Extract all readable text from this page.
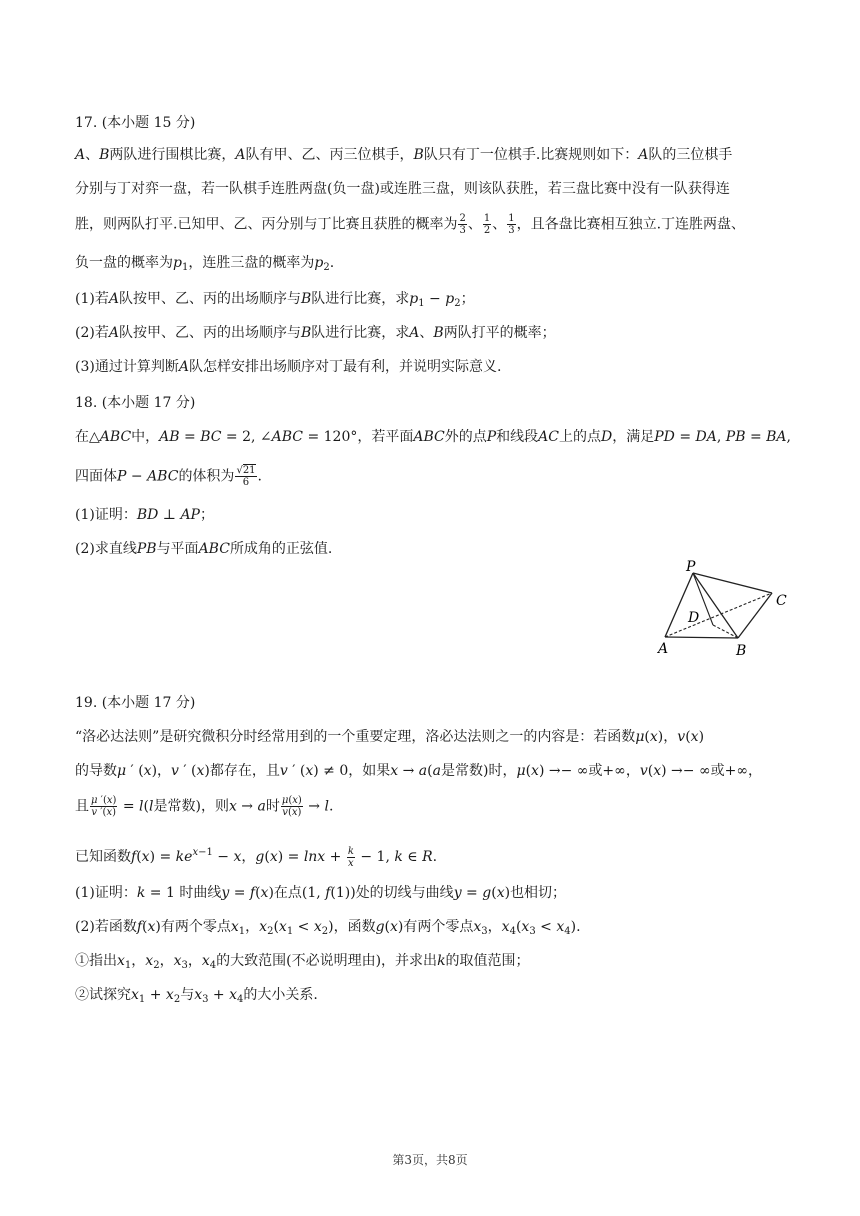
17. (本小题 15 分)
A、B两队进行围棋比赛，A队有甲、乙、丙三位棋手，B队只有丁一位棋手.比赛规则如下：A队的三位棋手
分别与丁对弈一盘，若一队棋手连胜两盘(负一盘)或连胜三盘，则该队获胜，若三盘比赛中没有一队获得连
胜，则两队打平.已知甲、乙、丙分别与丁比赛且获胜的概率为 $\frac{2}{3}$ 、 $\frac{1}{2}$ 、 $\frac{1}{3}$ ，且各盘比赛相互独立.丁连胜两盘、
负一盘的概率为$p_1$，连胜三盘的概率为$p_2$.
(1)若A队按甲、乙、丙的出场顺序与B队进行比赛，求$p_1 - p_2$；
(2)若A队按甲、乙、丙的出场顺序与B队进行比赛，求A、B两队打平的概率；
(3)通过计算判断A队怎样安排出场顺序对丁最有利，并说明实际意义.
18. (本小题 17 分)
在△ABC中，AB = BC = 2, ∠ABC = 120°，若平面ABC外的点P和线段AC上的点D，满足PD = DA, PB = BA,
四面体P − ABC的体积为 $\frac{√21}{6}$ .
(1)证明：BD ⊥ AP；
(2)求直线PB与平面ABC所成角的正弦值.
P
C
D
A	B
19. (本小题 17 分)
“洛必达法则”是研究微积分时经常用到的一个重要定理，洛必达法则之一的内容是：若函数μ(x)，v(x)
的导数μ ′ (x)，v ′ (x)都存在，且v ′ (x) ≠ 0，如果x → a(a是常数)时，μ(x) →− ∞或+∞，v(x) →− ∞或+∞，
且 $\frac{\mu '(x)}{v '(x)} = l(l$是常数)，则x → a时 $\frac{\mu(x)}{v(x)} \to l$.
已知函数$f(x) = ke^{x-1} - x$，$g(x) = \ln x + \frac{k}{x} - 1$, k ∈ R.
(1)证明：k = 1 时曲线y = f(x)在点(1, f(1))处的切线与曲线y = g(x)也相切；
(2)若函数f(x)有两个零点$x_1$，$x_2(x_1 < x_2)$，函数g(x)有两个零点$x_3$，$x_4(x_3 < x_4)$.
①指出$x_1$，$x_2$，$x_3$，$x_4$的大致范围(不必说明理由)，并求出k的取值范围；
②试探究$x_1 + x_2$与$x_3 + x_4$的大小关系.
第3页，共8页
